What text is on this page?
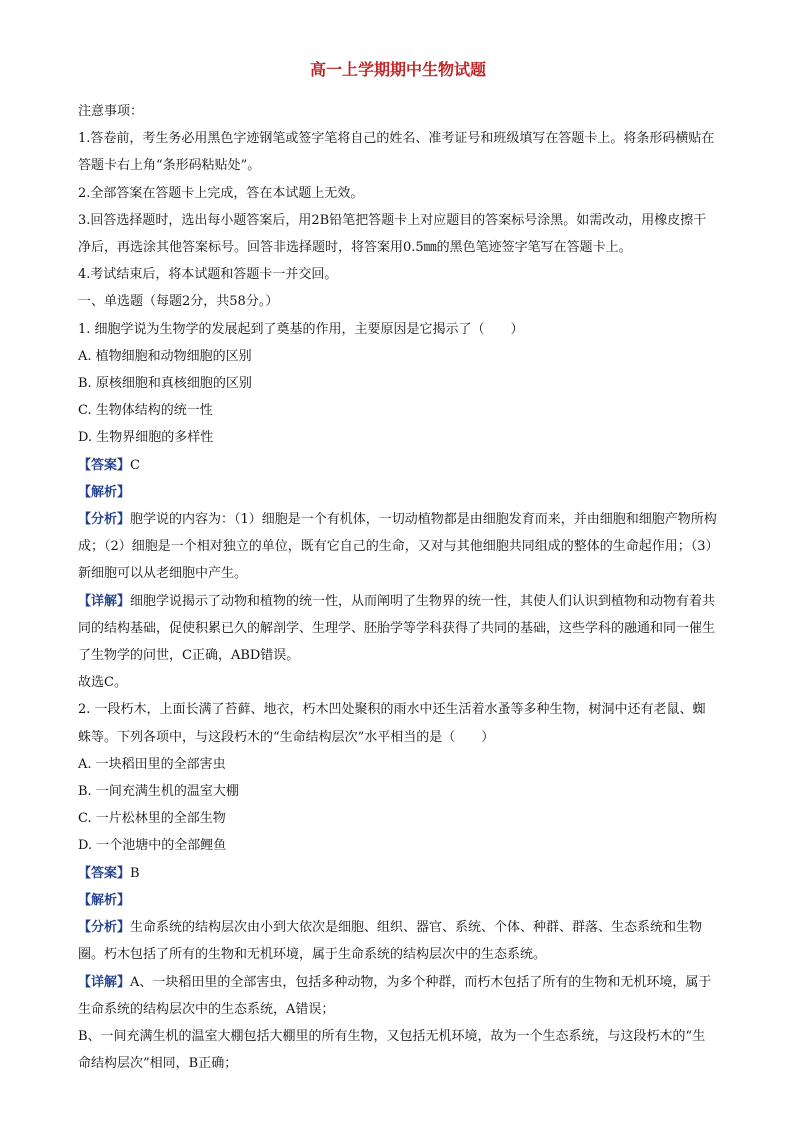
高一上学期期中生物试题

注意事项：

1.答卷前，考生务必用黑色字迹钢笔或签字笔将自己的姓名、准考证号和班级填写在答题卡上。将条形码横贴在答题卡右上角“条形码粘贴处”。

2.全部答案在答题卡上完成，答在本试题上无效。

3.回答选择题时，选出每小题答案后，用2B铅笔把答题卡上对应题目的答案标号涂黑。如需改动，用橡皮擦干净后，再选涂其他答案标号。回答非选择题时，将答案用0.5㎜的黑色笔迹签字笔写在答题卡上。

4.考试结束后，将本试题和答题卡一并交回。

一、单选题（每题2分，共58分。）

1. 细胞学说为生物学的发展起到了奠基的作用，主要原因是它揭示了（　　）

A. 植物细胞和动物细胞的区别

B. 原核细胞和真核细胞的区别

C. 生物体结构的统一性

D. 生物界细胞的多样性

【答案】C

【解析】

【分析】胞学说的内容为：（1）细胞是一个有机体，一切动植物都是由细胞发育而来，并由细胞和细胞产物所构成；（2）细胞是一个相对独立的单位，既有它自己的生命，又对与其他细胞共同组成的整体的生命起作用；（3）新细胞可以从老细胞中产生。

【详解】细胞学说揭示了动物和植物的统一性，从而阐明了生物界的统一性，其使人们认识到植物和动物有着共同的结构基础，促使积累已久的解剖学、生理学、胚胎学等学科获得了共同的基础，这些学科的融通和同一催生了生物学的问世，C正确，ABD错误。

故选C。

2. 一段朽木，上面长满了苔藓、地衣，朽木凹处聚积的雨水中还生活着水蚤等多种生物，树洞中还有老鼠、蜘蛛等。下列各项中，与这段朽木的“生命结构层次”水平相当的是（　　）

A. 一块稻田里的全部害虫

B. 一间充满生机的温室大棚

C. 一片松林里的全部生物

D. 一个池塘中的全部鲤鱼

【答案】B

【解析】

【分析】生命系统的结构层次由小到大依次是细胞、组织、器官、系统、个体、种群、群落、生态系统和生物圈。朽木包括了所有的生物和无机环境，属于生命系统的结构层次中的生态系统。

【详解】A、一块稻田里的全部害虫，包括多种动物，为多个种群，而朽木包括了所有的生物和无机环境，属于生命系统的结构层次中的生态系统，A错误；

B、一间充满生机的温室大棚包括大棚里的所有生物，又包括无机环境，故为一个生态系统，与这段朽木的“生命结构层次”相同，B正确；
